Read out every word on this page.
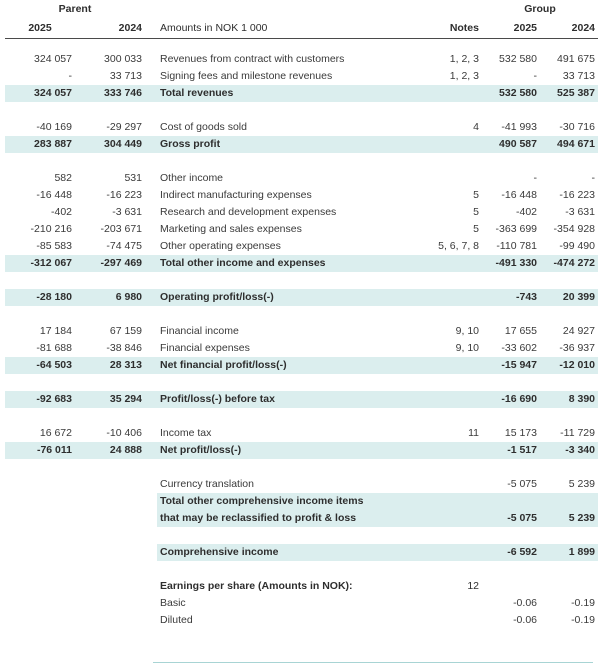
Parent					Group	
2025	2024		Amounts in NOK 1 000	Notes	2025	2024

324 057	300 033		Revenues from contract with customers	1, 2, 3	532 580	491 675
-	33 713		Signing fees and milestone revenues	1, 2, 3	-	33 713
324 057	333 746		Total revenues		532 580	525 387

-40 169	-29 297		Cost of goods sold	4	-41 993	-30 716
283 887	304 449		Gross profit		490 587	494 671

582	531		Other income		-	-
-16 448	-16 223		Indirect manufacturing expenses	5	-16 448	-16 223
-402	-3 631		Research and development expenses	5	-402	-3 631
-210 216	-203 671		Marketing and sales expenses	5	-363 699	-354 928
-85 583	-74 475		Other operating expenses	5, 6, 7, 8	-110 781	-99 490
-312 067	-297 469		Total other income and expenses		-491 330	-474 272

-28 180	6 980		Operating profit/loss(-)		-743	20 399

17 184	67 159		Financial income	9, 10	17 655	24 927
-81 688	-38 846		Financial expenses	9, 10	-33 602	-36 937
-64 503	28 313		Net financial profit/loss(-)		-15 947	-12 010

-92 683	35 294		Profit/loss(-) before tax		-16 690	8 390

16 672	-10 406		Income tax	11	15 173	-11 729
-76 011	24 888		Net profit/loss(-)		-1 517	-3 340

			Currency translation		-5 075	5 239
			Total other comprehensive income items			
			that may be reclassified to profit & loss		-5 075	5 239

			Comprehensive income		-6 592	1 899

			Earnings per share (Amounts in NOK):	12		
			Basic		-0.06	-0.19
			Diluted		-0.06	-0.19
